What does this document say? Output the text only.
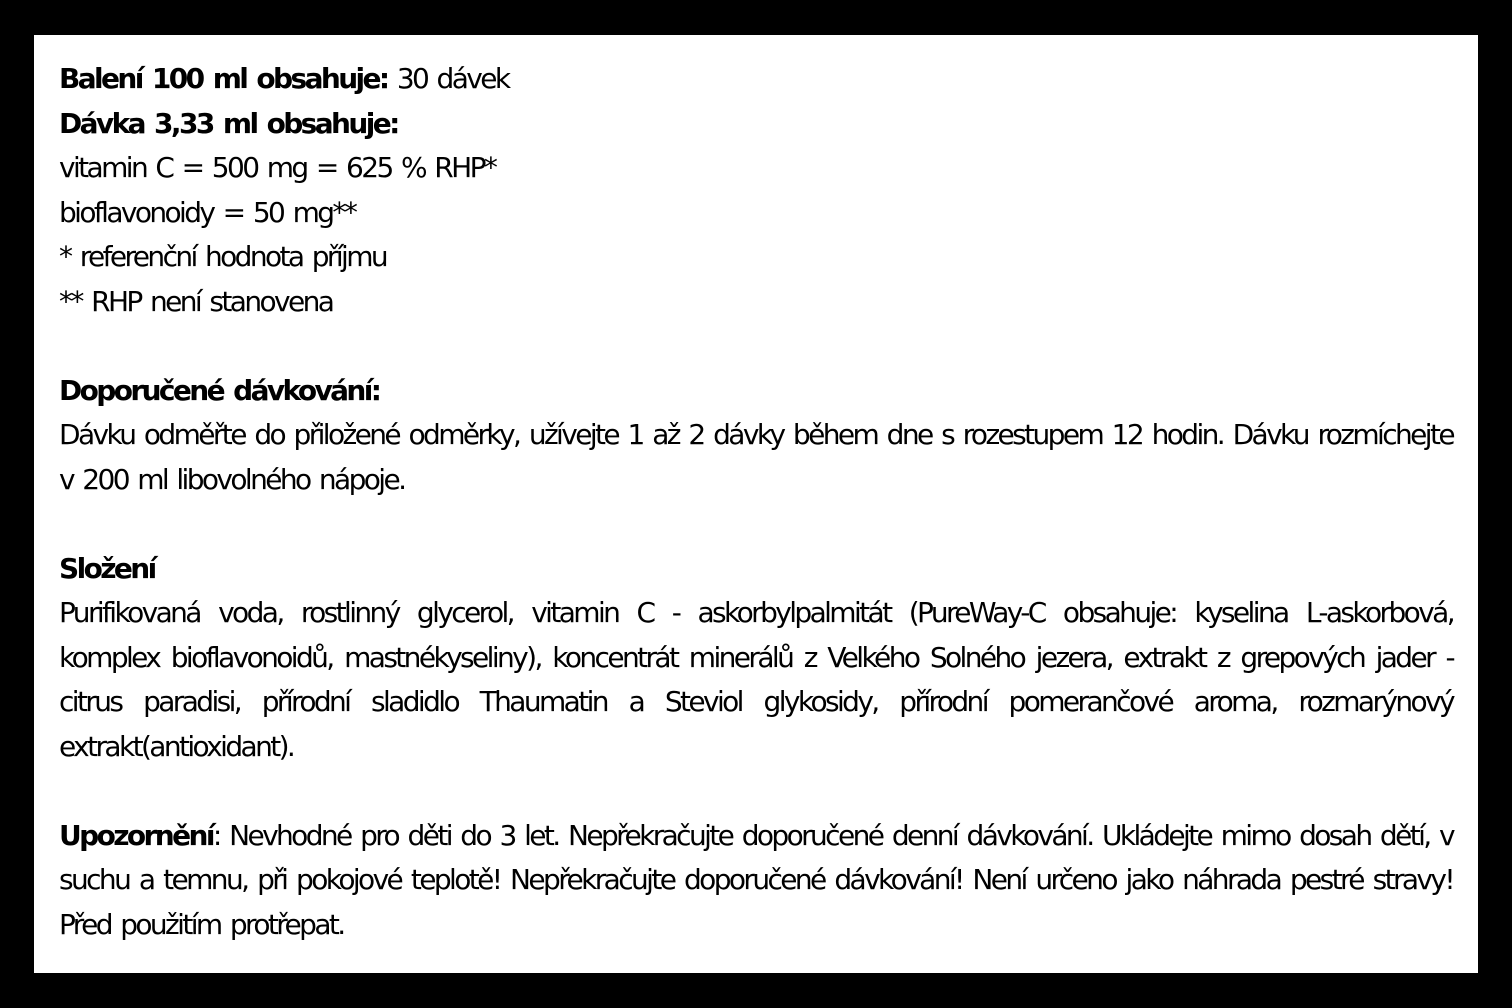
Balení 100 ml obsahuje: 30 dávek
Dávka 3,33 ml obsahuje:
vitamin C = 500 mg = 625 % RHP*
bioflavonoidy = 50 mg**
* referenční hodnota příjmu
** RHP není stanovena
Doporučené dávkování:

Dávku odměřte do přiložené odměrky, užívejte 1 až 2 dávky během dne s rozestupem 12 hodin. Dávku rozmíchejte v 200 ml libovolného nápoje.

Složení

Purifikovaná voda, rostlinný glycerol, vitamin C - askorbylpalmitát (PureWay-C obsahuje: kyselina L-askorbová, komplex bioflavonoidů, mastnékyseliny), koncentrát minerálů z Velkého Solného jezera, extrakt z grepových jader - citrus paradisi, přírodní sladidlo Thaumatin a Steviol glykosidy, přírodní pomerančové aroma, rozmarýnový extrakt(antioxidant).

Upozornění: Nevhodné pro děti do 3 let. Nepřekračujte doporučené denní dávkování. Ukládejte mimo dosah dětí, v suchu a temnu, při pokojové teplotě! Nepřekračujte doporučené dávkování! Není určeno jako náhrada pestré stravy! Před použitím protřepat.
